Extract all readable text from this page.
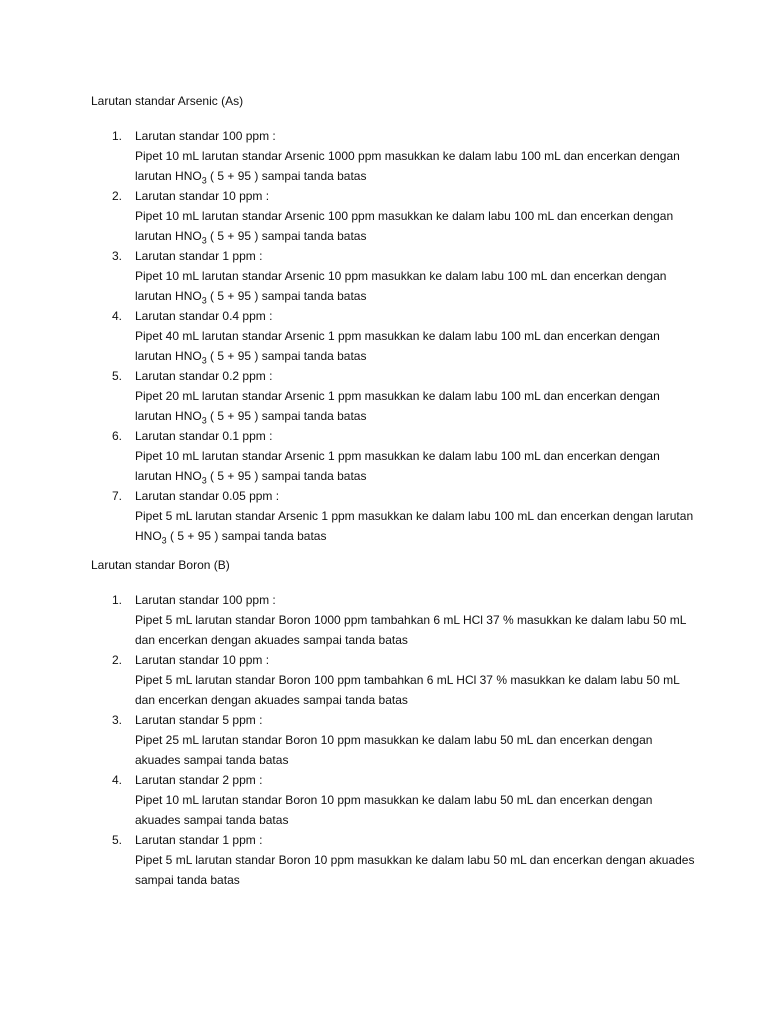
Larutan standar Arsenic (As)
1. Larutan standar 100 ppm :
Pipet 10 mL larutan standar Arsenic 1000 ppm masukkan ke dalam labu 100 mL dan encerkan dengan larutan $HNO_3$ ( 5 + 95 ) sampai tanda batas
2. Larutan standar 10 ppm :
Pipet 10 mL larutan standar Arsenic 100 ppm masukkan ke dalam labu 100 mL dan encerkan dengan larutan $HNO_3$ ( 5 + 95 ) sampai tanda batas
3. Larutan standar 1 ppm :
Pipet 10 mL larutan standar Arsenic 10 ppm masukkan ke dalam labu 100 mL dan encerkan dengan larutan $HNO_3$ ( 5 + 95 ) sampai tanda batas
4. Larutan standar 0.4 ppm :
Pipet 40 mL larutan standar Arsenic 1 ppm masukkan ke dalam labu 100 mL dan encerkan dengan larutan $HNO_3$ ( 5 + 95 ) sampai tanda batas
5. Larutan standar 0.2 ppm :
Pipet 20 mL larutan standar Arsenic 1 ppm masukkan ke dalam labu 100 mL dan encerkan dengan larutan $HNO_3$ ( 5 + 95 ) sampai tanda batas
6. Larutan standar 0.1 ppm :
Pipet 10 mL larutan standar Arsenic 1 ppm masukkan ke dalam labu 100 mL dan encerkan dengan larutan $HNO_3$ ( 5 + 95 ) sampai tanda batas
7. Larutan standar 0.05 ppm :
Pipet 5 mL larutan standar Arsenic 1 ppm masukkan ke dalam labu 100 mL dan encerkan dengan larutan $HNO_3$ ( 5 + 95 ) sampai tanda batas
Larutan standar Boron (B)
1. Larutan standar 100 ppm :
Pipet 5 mL larutan standar Boron 1000 ppm tambahkan 6 mL HCl 37 % masukkan ke dalam labu 50 mL dan encerkan dengan akuades sampai tanda batas
2. Larutan standar 10 ppm :
Pipet 5 mL larutan standar Boron 100 ppm tambahkan 6 mL HCl 37 % masukkan ke dalam labu 50 mL dan encerkan dengan akuades sampai tanda batas
3. Larutan standar 5 ppm :
Pipet 25 mL larutan standar Boron 10 ppm masukkan ke dalam labu 50 mL dan encerkan dengan akuades sampai tanda batas
4. Larutan standar 2 ppm :
Pipet 10 mL larutan standar Boron 10 ppm masukkan ke dalam labu 50 mL dan encerkan dengan akuades sampai tanda batas
5. Larutan standar 1 ppm :
Pipet 5 mL larutan standar Boron 10 ppm masukkan ke dalam labu 50 mL dan encerkan dengan akuades sampai tanda batas
